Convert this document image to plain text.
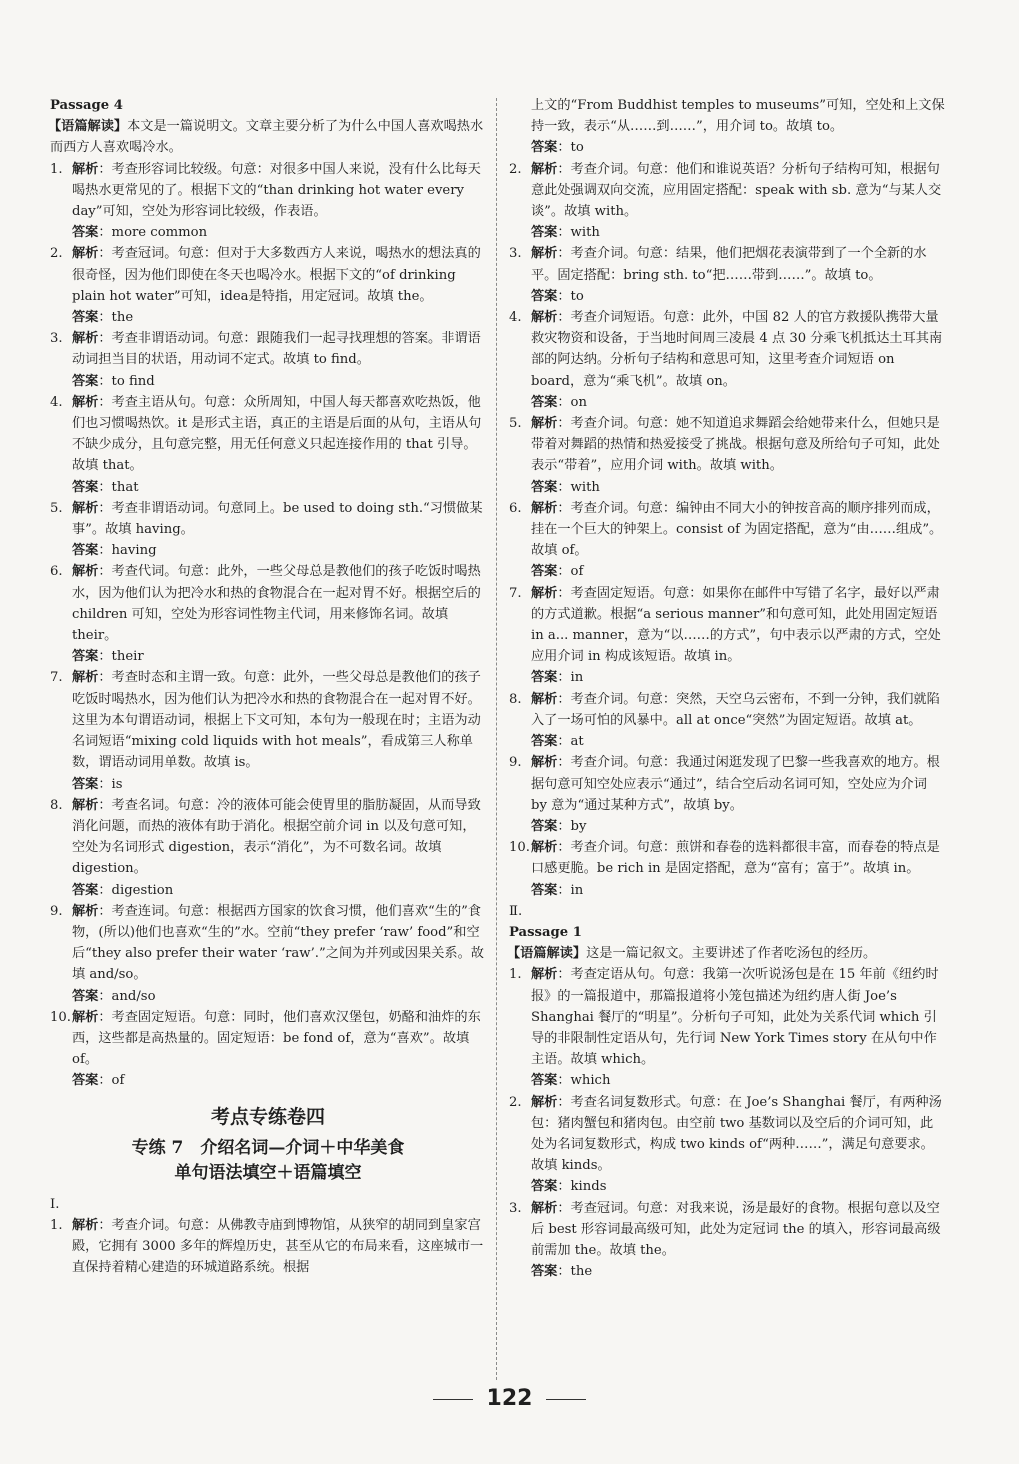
Passage 4
【语篇解读】本文是一篇说明文。文章主要分析了为什么中国人喜欢喝热水而西方人喜欢喝冷水。
1. 解析：考查形容词比较级。句意：对很多中国人来说，没有什么比每天喝热水更常见的了。根据下文的“than drinking hot water every day”可知，空处为形容词比较级，作表语。
答案：more common
2. 解析：考查冠词。句意：但对于大多数西方人来说，喝热水的想法真的很奇怪，因为他们即使在冬天也喝冷水。根据下文的“of drinking plain hot water”可知，idea是特指，用定冠词。故填 the。
答案：the
3. 解析：考查非谓语动词。句意：跟随我们一起寻找理想的答案。非谓语动词担当目的状语，用动词不定式。故填 to find。
答案：to find
4. 解析：考查主语从句。句意：众所周知，中国人每天都喜欢吃热饭，他们也习惯喝热饮。it 是形式主语，真正的主语是后面的从句，主语从句不缺少成分，且句意完整，用无任何意义只起连接作用的 that 引导。故填 that。
答案：that
5. 解析：考查非谓语动词。句意同上。be used to doing sth.“习惯做某事”。故填 having。
答案：having
6. 解析：考查代词。句意：此外，一些父母总是教他们的孩子吃饭时喝热水，因为他们认为把冷水和热的食物混合在一起对胃不好。根据空后的 children 可知，空处为形容词性物主代词，用来修饰名词。故填 their。
答案：their
7. 解析：考查时态和主谓一致。句意：此外，一些父母总是教他们的孩子吃饭时喝热水，因为他们认为把冷水和热的食物混合在一起对胃不好。这里为本句谓语动词，根据上下文可知，本句为一般现在时；主语为动名词短语“mixing cold liquids with hot meals”，看成第三人称单数，谓语动词用单数。故填 is。
答案：is
8. 解析：考查名词。句意：冷的液体可能会使胃里的脂肪凝固，从而导致消化问题，而热的液体有助于消化。根据空前介词 in 以及句意可知，空处为名词形式 digestion，表示“消化”，为不可数名词。故填 digestion。
答案：digestion
9. 解析：考查连词。句意：根据西方国家的饮食习惯，他们喜欢“生的”食物，(所以)他们也喜欢“生的”水。空前“they prefer ‘raw’ food”和空后“they also prefer their water ‘raw’.”之间为并列或因果关系。故填 and/so。
答案：and/so
10.解析：考查固定短语。句意：同时，他们喜欢汉堡包，奶酪和油炸的东西，这些都是高热量的。固定短语：be fond of，意为“喜欢”。故填 of。
答案：of
考点专练卷四
专练 7　介绍名词—介词＋中华美食
单句语法填空＋语篇填空
Ⅰ.
1. 解析：考查介词。句意：从佛教寺庙到博物馆，从狭窄的胡同到皇家宫殿，它拥有 3000 多年的辉煌历史，甚至从它的布局来看，这座城市一直保持着精心建造的环城道路系统。根据
上文的“From Buddhist temples to museums”可知，空处和上文保持一致，表示“从……到……”，用介词 to。故填 to。
答案：to
2. 解析：考查介词。句意：他们和谁说英语？分析句子结构可知，根据句意此处强调双向交流，应用固定搭配：speak with sb. 意为“与某人交谈”。故填 with。
答案：with
3. 解析：考查介词。句意：结果，他们把烟花表演带到了一个全新的水平。固定搭配：bring sth. to“把……带到……”。故填 to。
答案：to
4. 解析：考查介词短语。句意：此外，中国 82 人的官方救援队携带大量救灾物资和设备，于当地时间周三凌晨 4 点 30 分乘飞机抵达土耳其南部的阿达纳。分析句子结构和意思可知，这里考查介词短语 on board，意为“乘飞机”。故填 on。
答案：on
5. 解析：考查介词。句意：她不知道追求舞蹈会给她带来什么，但她只是带着对舞蹈的热情和热爱接受了挑战。根据句意及所给句子可知，此处表示“带着”，应用介词 with。故填 with。
答案：with
6. 解析：考查介词。句意：编钟由不同大小的钟按音高的顺序排列而成，挂在一个巨大的钟架上。consist of 为固定搭配，意为“由……组成”。故填 of。
答案：of
7. 解析：考查固定短语。句意：如果你在邮件中写错了名字，最好以严肃的方式道歉。根据“a serious manner”和句意可知，此处用固定短语 in a... manner，意为“以……的方式”，句中表示以严肃的方式，空处应用介词 in 构成该短语。故填 in。
答案：in
8. 解析：考查介词。句意：突然，天空乌云密布，不到一分钟，我们就陷入了一场可怕的风暴中。all at once“突然”为固定短语。故填 at。
答案：at
9. 解析：考查介词。句意：我通过闲逛发现了巴黎一些我喜欢的地方。根据句意可知空处应表示“通过”，结合空后动名词可知，空处应为介词 by 意为“通过某种方式”，故填 by。
答案：by
10.解析：考查介词。句意：煎饼和春卷的选料都很丰富，而春卷的特点是口感更脆。be rich in 是固定搭配，意为“富有；富于”。故填 in。
答案：in
Ⅱ.
Passage 1
【语篇解读】这是一篇记叙文。主要讲述了作者吃汤包的经历。
1. 解析：考查定语从句。句意：我第一次听说汤包是在 15 年前《纽约时报》的一篇报道中，那篇报道将小笼包描述为纽约唐人街 Joe’s Shanghai 餐厅的“明星”。分析句子可知，此处为关系代词 which 引导的非限制性定语从句，先行词 New York Times story 在从句中作主语。故填 which。
答案：which
2. 解析：考查名词复数形式。句意：在 Joe’s Shanghai 餐厅，有两种汤包：猪肉蟹包和猪肉包。由空前 two 基数词以及空后的介词可知，此处为名词复数形式，构成 two kinds of“两种……”，满足句意要求。故填 kinds。
答案：kinds
3. 解析：考查冠词。句意：对我来说，汤是最好的食物。根据句意以及空后 best 形容词最高级可知，此处为定冠词 the 的填入，形容词最高级前需加 the。故填 the。
答案：the
122
